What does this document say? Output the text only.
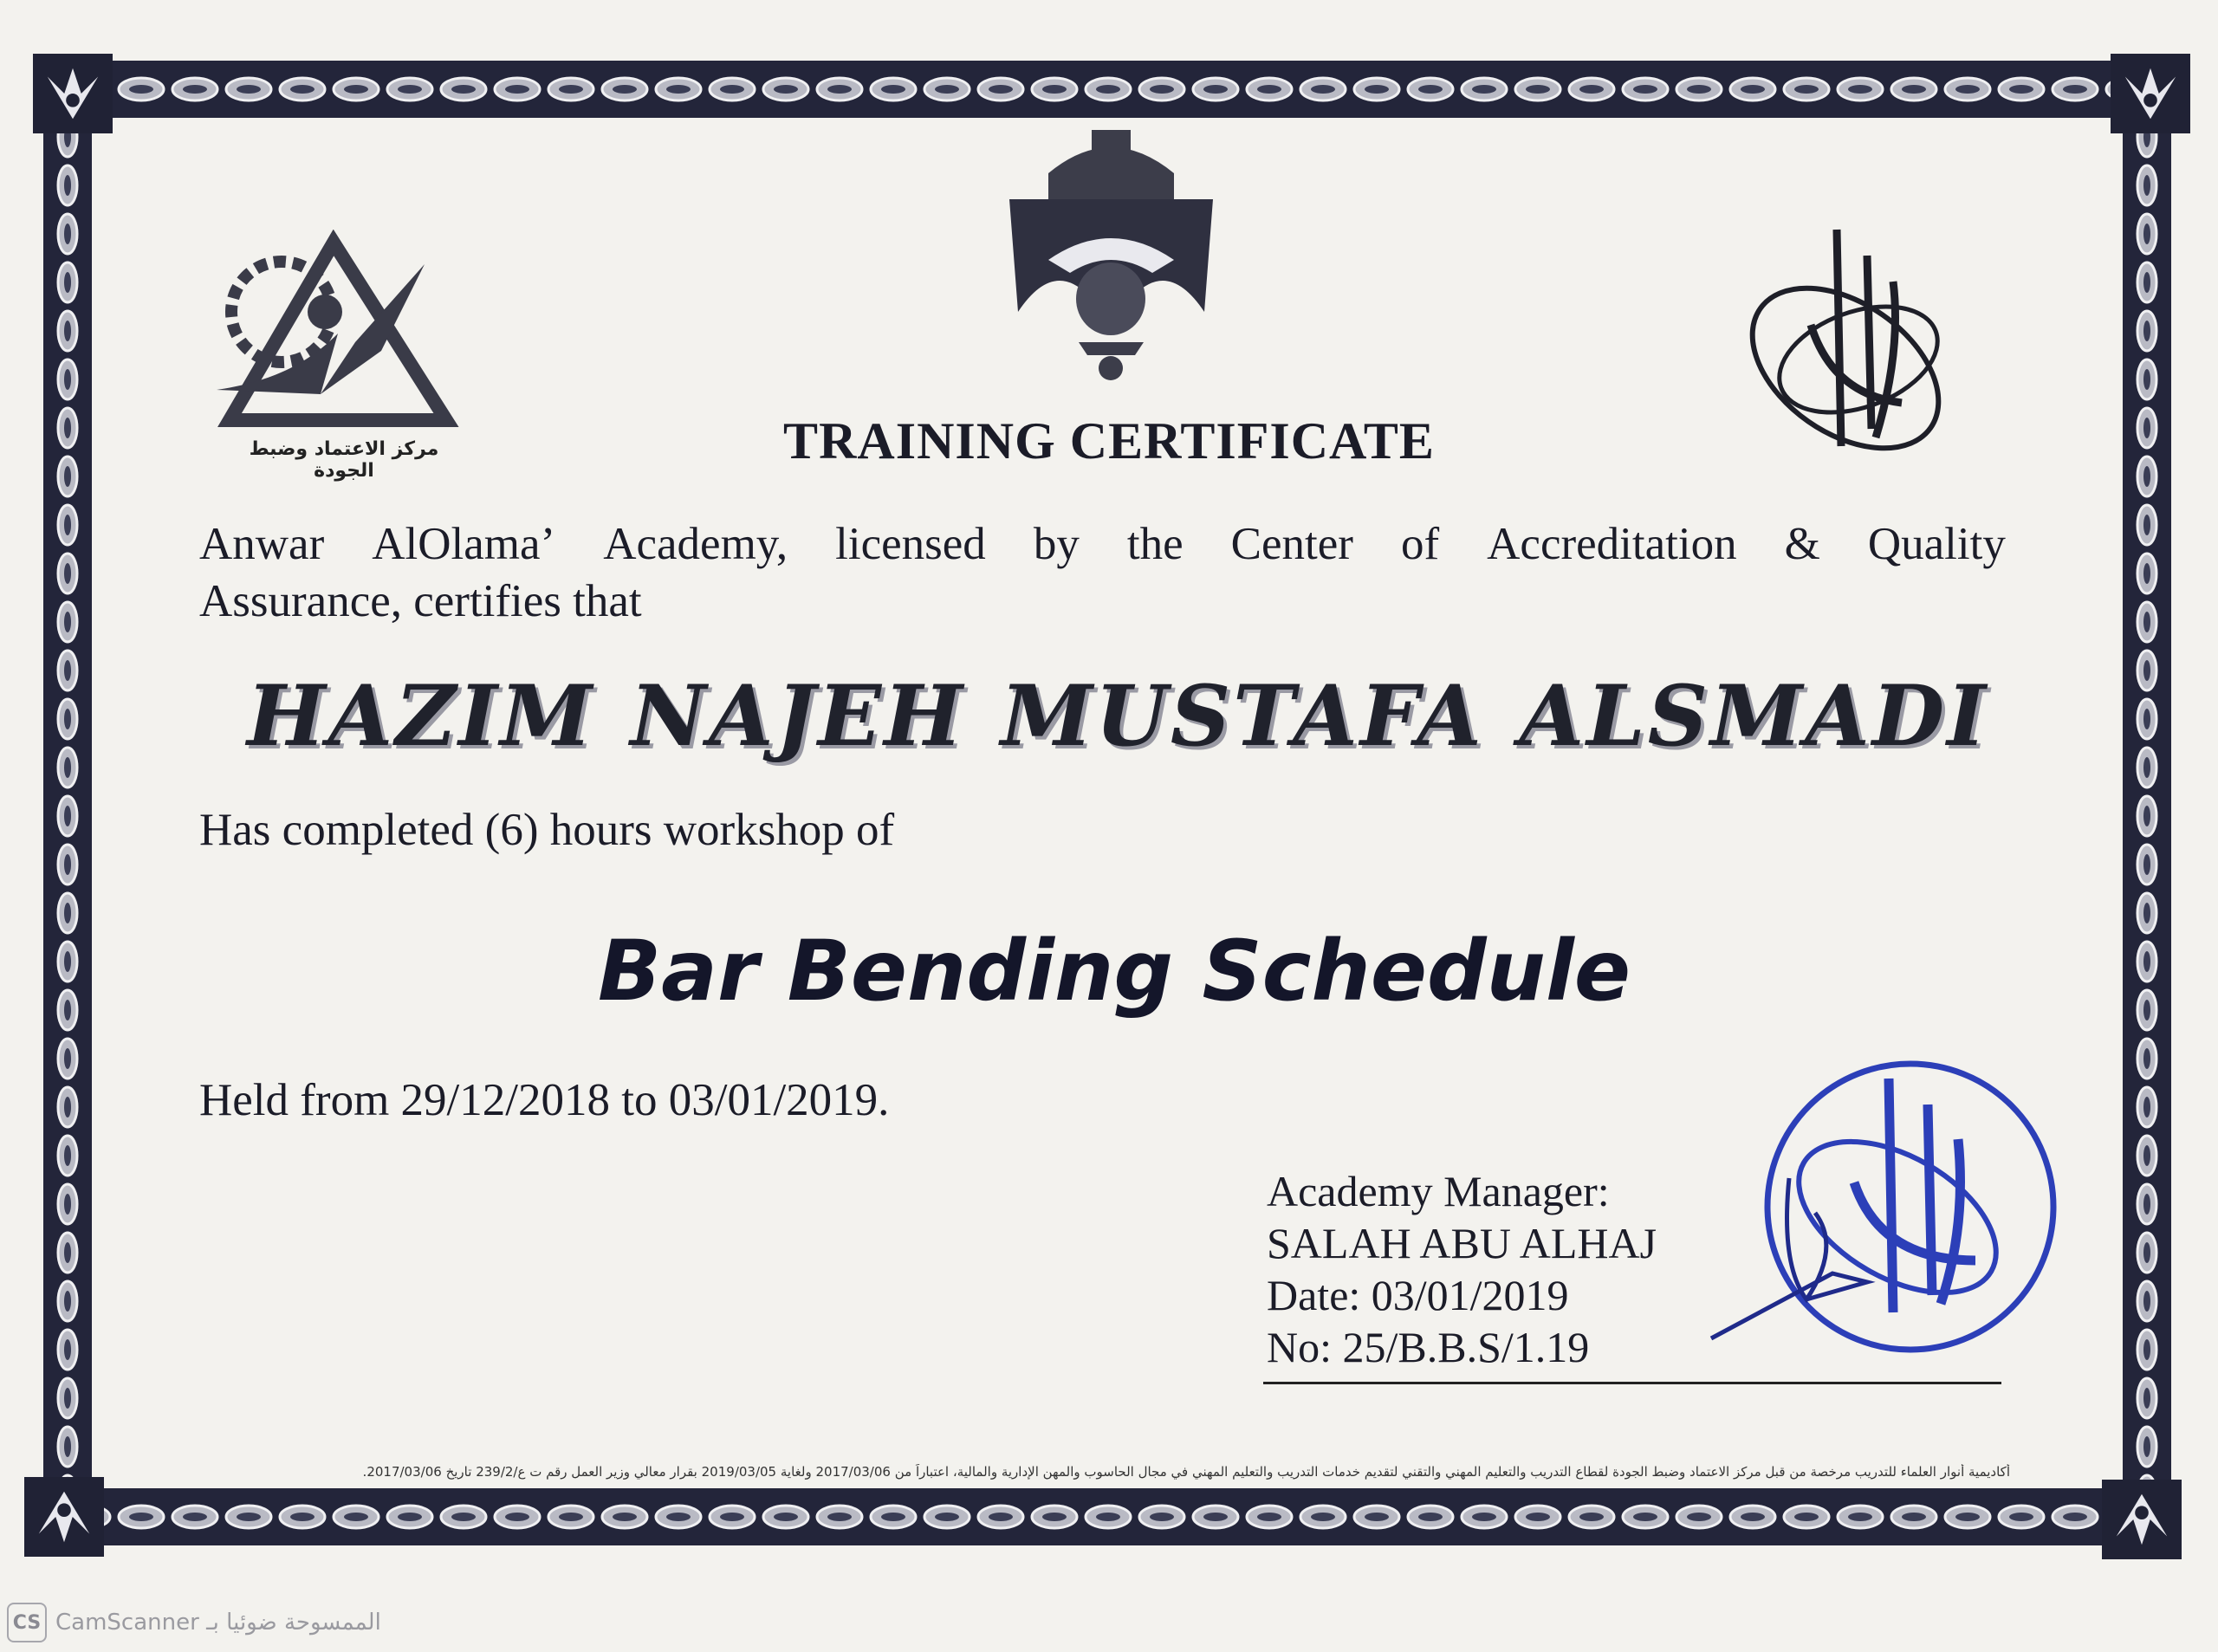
مركز الاعتماد وضبط الجودة
TRAINING CERTIFICATE
Anwar AlOlama’ Academy, licensed by the Center of Accreditation & Quality
Assurance, certifies that
HAZIM NAJEH MUSTAFA ALSMADI
Has completed (6) hours workshop of
Bar Bending Schedule
Held from 29/12/2018 to 03/01/2019.
Academy Manager:
SALAH ABU ALHAJ
Date: 03/01/2019
No: 25/B.B.S/1.19
أكاديمية أنوار العلماء للتدريب مرخصة من قبل مركز الاعتماد وضبط الجودة لقطاع التدريب والتعليم المهني والتقني لتقديم خدمات التدريب والتعليم المهني في مجال الحاسوب والمهن الإدارية والمالية، اعتباراً من 2017/03/06 ولغاية 2019/03/05 بقرار معالي وزير العمل رقم ت ع/239/2 تاريخ 2017/03/06.
CS CamScanner الممسوحة ضوئيا بـ
